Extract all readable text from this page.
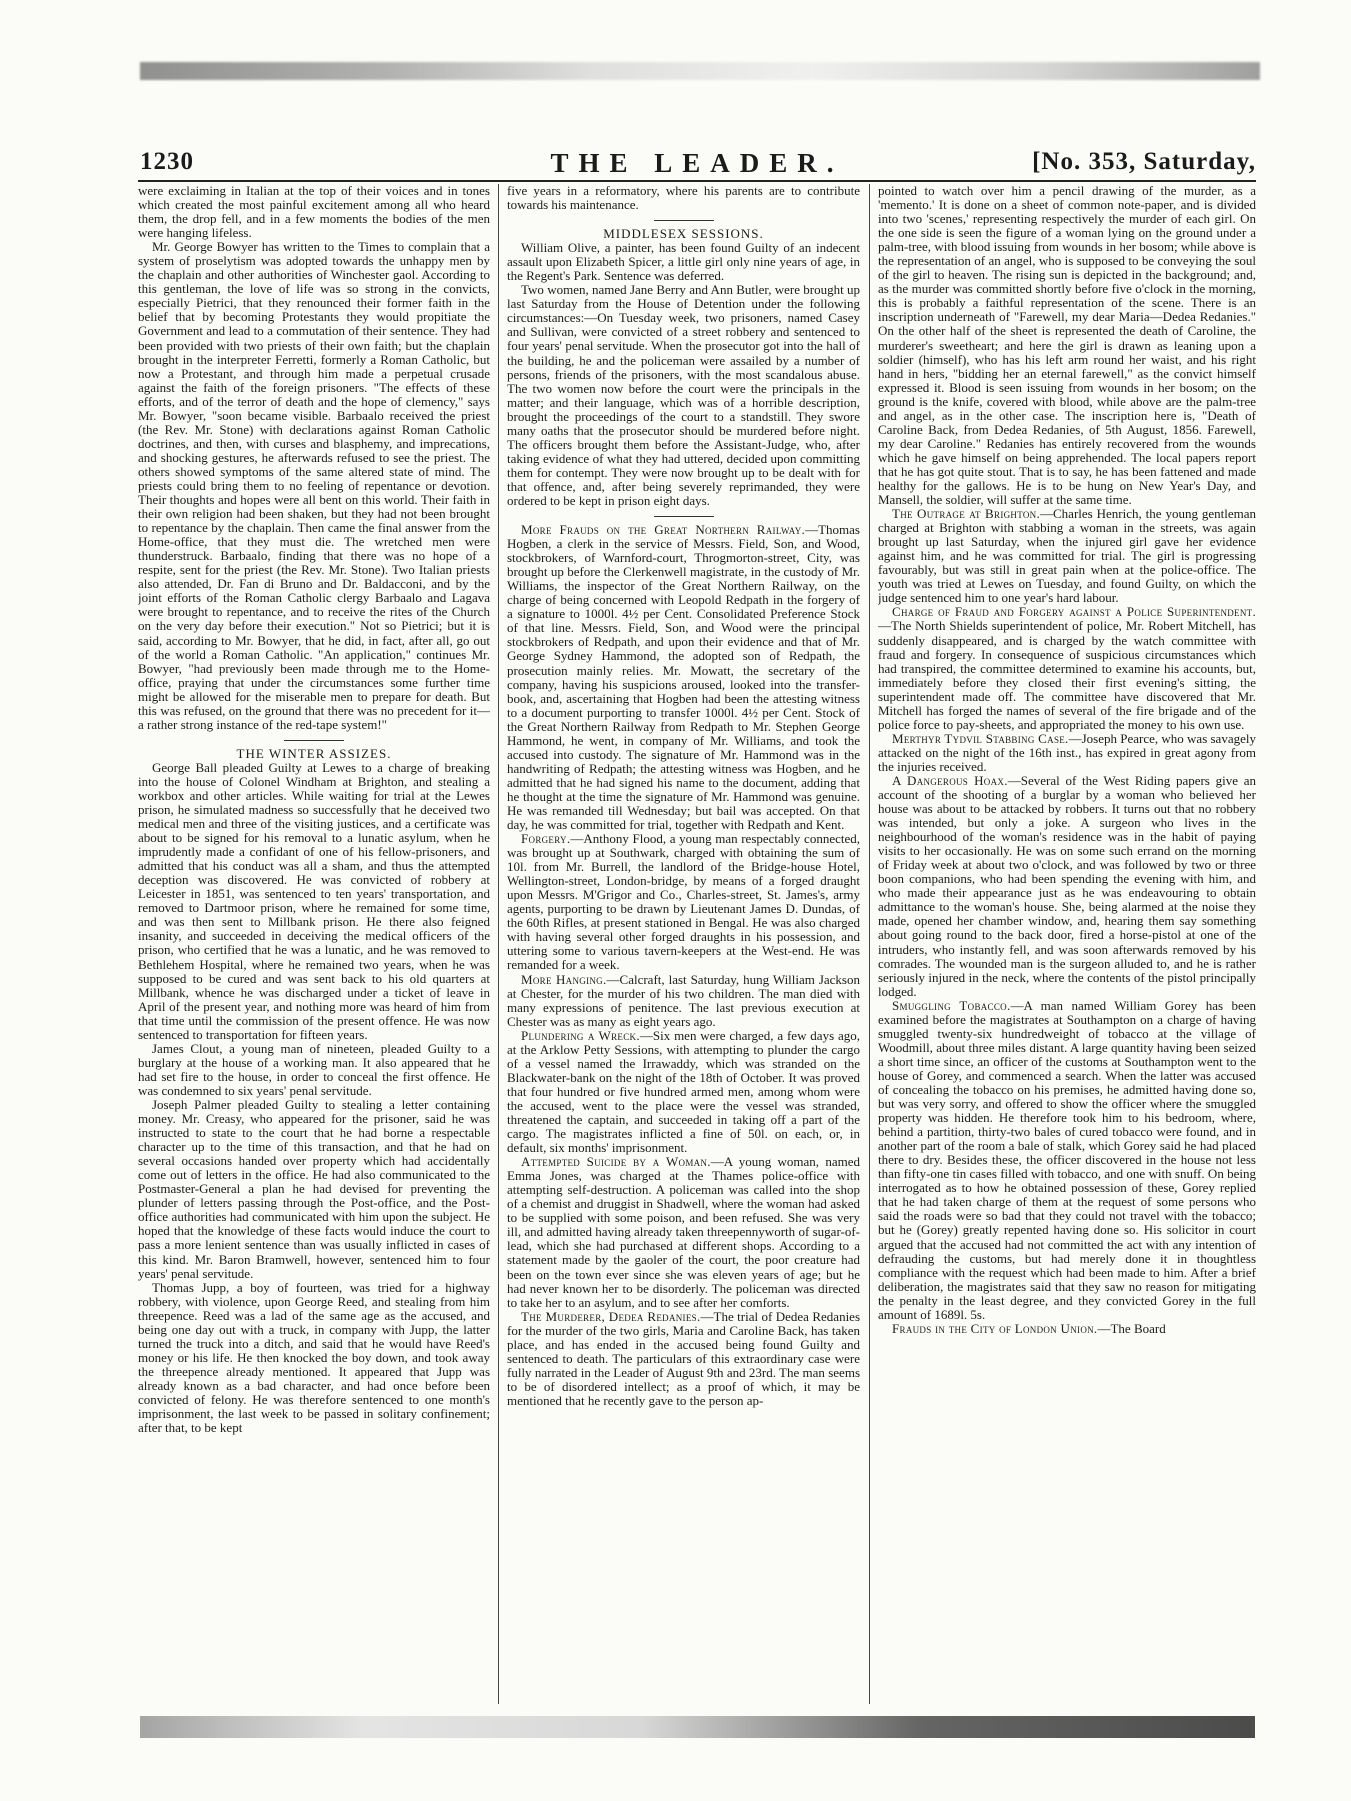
1230	THE LEADER.	[No. 353, Saturday,

were exclaiming in Italian at the top of their voices and in tones which created the most painful excitement among all who heard them, the drop fell, and in a few moments the bodies of the men were hanging lifeless.

Mr. George Bowyer has written to the Times to complain that a system of proselytism was adopted towards the unhappy men by the chaplain and other authorities of Winchester gaol. According to this gentleman, the love of life was so strong in the convicts, especially Pietrici, that they renounced their former faith in the belief that by becoming Protestants they would propitiate the Government and lead to a commutation of their sentence. They had been provided with two priests of their own faith; but the chaplain brought in the interpreter Ferretti, formerly a Roman Catholic, but now a Protestant, and through him made a perpetual crusade against the faith of the foreign prisoners. "The effects of these efforts, and of the terror of death and the hope of clemency," says Mr. Bowyer, "soon became visible. Barbaalo received the priest (the Rev. Mr. Stone) with declarations against Roman Catholic doctrines, and then, with curses and blasphemy, and imprecations, and shocking gestures, he afterwards refused to see the priest. The others showed symptoms of the same altered state of mind. The priests could bring them to no feeling of repentance or devotion. Their thoughts and hopes were all bent on this world. Their faith in their own religion had been shaken, but they had not been brought to repentance by the chaplain. Then came the final answer from the Home-office, that they must die. The wretched men were thunderstruck. Barbaalo, finding that there was no hope of a respite, sent for the priest (the Rev. Mr. Stone). Two Italian priests also attended, Dr. Fan di Bruno and Dr. Baldacconi, and by the joint efforts of the Roman Catholic clergy Barbaalo and Lagava were brought to repentance, and to receive the rites of the Church on the very day before their execution." Not so Pietrici; but it is said, according to Mr. Bowyer, that he did, in fact, after all, go out of the world a Roman Catholic. "An application," continues Mr. Bowyer, "had previously been made through me to the Home-office, praying that under the circumstances some further time might be allowed for the miserable men to prepare for death. But this was refused, on the ground that there was no precedent for it—a rather strong instance of the red-tape system!"

THE WINTER ASSIZES.

George Ball pleaded Guilty at Lewes to a charge of breaking into the house of Colonel Windham at Brighton, and stealing a workbox and other articles. While waiting for trial at the Lewes prison, he simulated madness so successfully that he deceived two medical men and three of the visiting justices, and a certificate was about to be signed for his removal to a lunatic asylum, when he imprudently made a confidant of one of his fellow-prisoners, and admitted that his conduct was all a sham, and thus the attempted deception was discovered. He was convicted of robbery at Leicester in 1851, was sentenced to ten years' transportation, and removed to Dartmoor prison, where he remained for some time, and was then sent to Millbank prison. He there also feigned insanity, and succeeded in deceiving the medical officers of the prison, who certified that he was a lunatic, and he was removed to Bethlehem Hospital, where he remained two years, when he was supposed to be cured and was sent back to his old quarters at Millbank, whence he was discharged under a ticket of leave in April of the present year, and nothing more was heard of him from that time until the commission of the present offence. He was now sentenced to transportation for fifteen years.

James Clout, a young man of nineteen, pleaded Guilty to a burglary at the house of a working man. It also appeared that he had set fire to the house, in order to conceal the first offence. He was condemned to six years' penal servitude.

Joseph Palmer pleaded Guilty to stealing a letter containing money. Mr. Creasy, who appeared for the prisoner, said he was instructed to state to the court that he had borne a respectable character up to the time of this transaction, and that he had on several occasions handed over property which had accidentally come out of letters in the office. He had also communicated to the Postmaster-General a plan he had devised for preventing the plunder of letters passing through the Post-office, and the Post-office authorities had communicated with him upon the subject. He hoped that the knowledge of these facts would induce the court to pass a more lenient sentence than was usually inflicted in cases of this kind. Mr. Baron Bramwell, however, sentenced him to four years' penal servitude.

Thomas Jupp, a boy of fourteen, was tried for a highway robbery, with violence, upon George Reed, and stealing from him threepence. Reed was a lad of the same age as the accused, and being one day out with a truck, in company with Jupp, the latter turned the truck into a ditch, and said that he would have Reed's money or his life. He then knocked the boy down, and took away the threepence already mentioned. It appeared that Jupp was already known as a bad character, and had once before been convicted of felony. He was therefore sentenced to one month's imprisonment, the last week to be passed in solitary confinement; after that, to be kept

five years in a reformatory, where his parents are to contribute towards his maintenance.

MIDDLESEX SESSIONS.

William Olive, a painter, has been found Guilty of an indecent assault upon Elizabeth Spicer, a little girl only nine years of age, in the Regent's Park. Sentence was deferred.

Two women, named Jane Berry and Ann Butler, were brought up last Saturday from the House of Detention under the following circumstances:—On Tuesday week, two prisoners, named Casey and Sullivan, were convicted of a street robbery and sentenced to four years' penal servitude. When the prosecutor got into the hall of the building, he and the policeman were assailed by a number of persons, friends of the prisoners, with the most scandalous abuse. The two women now before the court were the principals in the matter; and their language, which was of a horrible description, brought the proceedings of the court to a standstill. They swore many oaths that the prosecutor should be murdered before night. The officers brought them before the Assistant-Judge, who, after taking evidence of what they had uttered, decided upon committing them for contempt. They were now brought up to be dealt with for that offence, and, after being severely reprimanded, they were ordered to be kept in prison eight days.

More Frauds on the Great Northern Railway.—Thomas Hogben, a clerk in the service of Messrs. Field, Son, and Wood, stockbrokers, of Warnford-court, Throgmorton-street, City, was brought up before the Clerkenwell magistrate, in the custody of Mr. Williams, the inspector of the Great Northern Railway, on the charge of being concerned with Leopold Redpath in the forgery of a signature to 1000l. 4½ per Cent. Consolidated Preference Stock of that line. Messrs. Field, Son, and Wood were the principal stockbrokers of Redpath, and upon their evidence and that of Mr. George Sydney Hammond, the adopted son of Redpath, the prosecution mainly relies. Mr. Mowatt, the secretary of the company, having his suspicions aroused, looked into the transfer-book, and, ascertaining that Hogben had been the attesting witness to a document purporting to transfer 1000l. 4½ per Cent. Stock of the Great Northern Railway from Redpath to Mr. Stephen George Hammond, he went, in company of Mr. Williams, and took the accused into custody. The signature of Mr. Hammond was in the handwriting of Redpath; the attesting witness was Hogben, and he admitted that he had signed his name to the document, adding that he thought at the time the signature of Mr. Hammond was genuine. He was remanded till Wednesday; but bail was accepted. On that day, he was committed for trial, together with Redpath and Kent.

Forgery.—Anthony Flood, a young man respectably connected, was brought up at Southwark, charged with obtaining the sum of 10l. from Mr. Burrell, the landlord of the Bridge-house Hotel, Wellington-street, London-bridge, by means of a forged draught upon Messrs. M'Grigor and Co., Charles-street, St. James's, army agents, purporting to be drawn by Lieutenant James D. Dundas, of the 60th Rifles, at present stationed in Bengal. He was also charged with having several other forged draughts in his possession, and uttering some to various tavern-keepers at the West-end. He was remanded for a week.

More Hanging.—Calcraft, last Saturday, hung William Jackson at Chester, for the murder of his two children. The man died with many expressions of penitence. The last previous execution at Chester was as many as eight years ago.

Plundering a Wreck.—Six men were charged, a few days ago, at the Arklow Petty Sessions, with attempting to plunder the cargo of a vessel named the Irrawaddy, which was stranded on the Blackwater-bank on the night of the 18th of October. It was proved that four hundred or five hundred armed men, among whom were the accused, went to the place were the vessel was stranded, threatened the captain, and succeeded in taking off a part of the cargo. The magistrates inflicted a fine of 50l. on each, or, in default, six months' imprisonment.

Attempted Suicide by a Woman.—A young woman, named Emma Jones, was charged at the Thames police-office with attempting self-destruction. A policeman was called into the shop of a chemist and druggist in Shadwell, where the woman had asked to be supplied with some poison, and been refused. She was very ill, and admitted having already taken threepennyworth of sugar-of-lead, which she had purchased at different shops. According to a statement made by the gaoler of the court, the poor creature had been on the town ever since she was eleven years of age; but he had never known her to be disorderly. The policeman was directed to take her to an asylum, and to see after her comforts.

The Murderer, Dedea Redanies.—The trial of Dedea Redanies for the murder of the two girls, Maria and Caroline Back, has taken place, and has ended in the accused being found Guilty and sentenced to death. The particulars of this extraordinary case were fully narrated in the Leader of August 9th and 23rd. The man seems to be of disordered intellect; as a proof of which, it may be mentioned that he recently gave to the person ap-

pointed to watch over him a pencil drawing of the murder, as a 'memento.' It is done on a sheet of common note-paper, and is divided into two 'scenes,' representing respectively the murder of each girl. On the one side is seen the figure of a woman lying on the ground under a palm-tree, with blood issuing from wounds in her bosom; while above is the representation of an angel, who is supposed to be conveying the soul of the girl to heaven. The rising sun is depicted in the background; and, as the murder was committed shortly before five o'clock in the morning, this is probably a faithful representation of the scene. There is an inscription underneath of "Farewell, my dear Maria—Dedea Redanies." On the other half of the sheet is represented the death of Caroline, the murderer's sweetheart; and here the girl is drawn as leaning upon a soldier (himself), who has his left arm round her waist, and his right hand in hers, "bidding her an eternal farewell," as the convict himself expressed it. Blood is seen issuing from wounds in her bosom; on the ground is the knife, covered with blood, while above are the palm-tree and angel, as in the other case. The inscription here is, "Death of Caroline Back, from Dedea Redanies, of 5th August, 1856. Farewell, my dear Caroline." Redanies has entirely recovered from the wounds which he gave himself on being apprehended. The local papers report that he has got quite stout. That is to say, he has been fattened and made healthy for the gallows. He is to be hung on New Year's Day, and Mansell, the soldier, will suffer at the same time.

The Outrage at Brighton.—Charles Henrich, the young gentleman charged at Brighton with stabbing a woman in the streets, was again brought up last Saturday, when the injured girl gave her evidence against him, and he was committed for trial. The girl is progressing favourably, but was still in great pain when at the police-office. The youth was tried at Lewes on Tuesday, and found Guilty, on which the judge sentenced him to one year's hard labour.

Charge of Fraud and Forgery against a Police Superintendent.—The North Shields superintendent of police, Mr. Robert Mitchell, has suddenly disappeared, and is charged by the watch committee with fraud and forgery. In consequence of suspicious circumstances which had transpired, the committee determined to examine his accounts, but, immediately before they closed their first evening's sitting, the superintendent made off. The committee have discovered that Mr. Mitchell has forged the names of several of the fire brigade and of the police force to pay-sheets, and appropriated the money to his own use.

Merthyr Tydvil Stabbing Case.—Joseph Pearce, who was savagely attacked on the night of the 16th inst., has expired in great agony from the injuries received.

A Dangerous Hoax.—Several of the West Riding papers give an account of the shooting of a burglar by a woman who believed her house was about to be attacked by robbers. It turns out that no robbery was intended, but only a joke. A surgeon who lives in the neighbourhood of the woman's residence was in the habit of paying visits to her occasionally. He was on some such errand on the morning of Friday week at about two o'clock, and was followed by two or three boon companions, who had been spending the evening with him, and who made their appearance just as he was endeavouring to obtain admittance to the woman's house. She, being alarmed at the noise they made, opened her chamber window, and, hearing them say something about going round to the back door, fired a horse-pistol at one of the intruders, who instantly fell, and was soon afterwards removed by his comrades. The wounded man is the surgeon alluded to, and he is rather seriously injured in the neck, where the contents of the pistol principally lodged.

Smuggling Tobacco.—A man named William Gorey has been examined before the magistrates at Southampton on a charge of having smuggled twenty-six hundredweight of tobacco at the village of Woodmill, about three miles distant. A large quantity having been seized a short time since, an officer of the customs at Southampton went to the house of Gorey, and commenced a search. When the latter was accused of concealing the tobacco on his premises, he admitted having done so, but was very sorry, and offered to show the officer where the smuggled property was hidden. He therefore took him to his bedroom, where, behind a partition, thirty-two bales of cured tobacco were found, and in another part of the room a bale of stalk, which Gorey said he had placed there to dry. Besides these, the officer discovered in the house not less than fifty-one tin cases filled with tobacco, and one with snuff. On being interrogated as to how he obtained possession of these, Gorey replied that he had taken charge of them at the request of some persons who said the roads were so bad that they could not travel with the tobacco; but he (Gorey) greatly repented having done so. His solicitor in court argued that the accused had not committed the act with any intention of defrauding the customs, but had merely done it in thoughtless compliance with the request which had been made to him. After a brief deliberation, the magistrates said that they saw no reason for mitigating the penalty in the least degree, and they convicted Gorey in the full amount of 1689l. 5s.

Frauds in the City of London Union.—The Board
